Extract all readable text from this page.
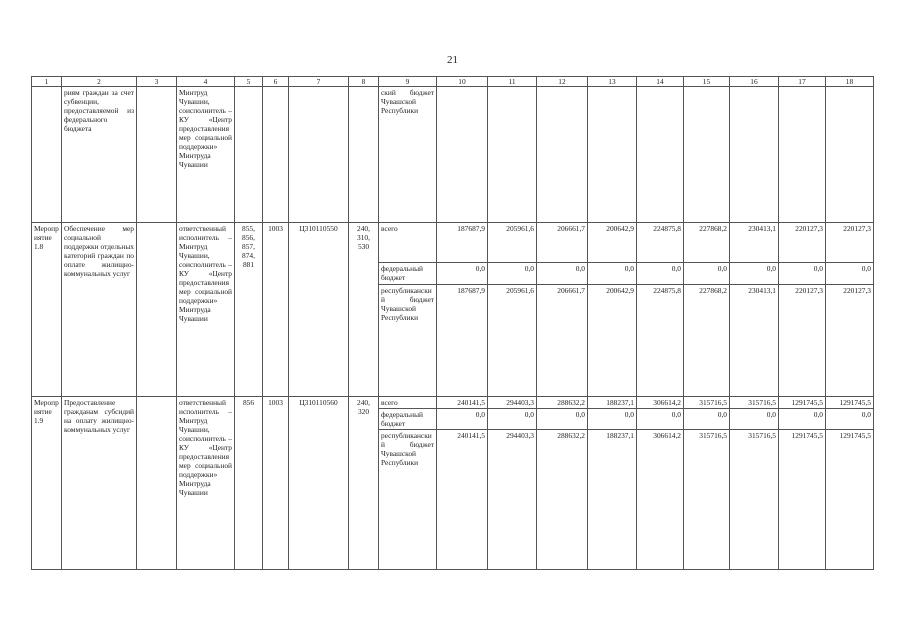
21
1	2	3	4	5	6	7	8	9	10	11	12	13	14	15	16	17	18
	риям граждан за счет субвенции, предоставляемой из федерального бюджета		Минтруд Чувашии, соисполнитель – КУ «Центр предоставления мер социальной поддержки» Минтруда Чувашии					ский бюджет Чувашской Республики									
Мероприятие 1.8	Обеспечение мер социальной поддержки отдельных категорий граждан по оплате жилищно-коммунальных услуг		ответственный исполнитель – Минтруд Чувашии, соисполнитель – КУ «Центр предоставления мер социальной поддержки» Минтруда Чувашии	855, 856, 857, 874, 881	1003	Ц310110550	240, 310, 530	всего	187687,9	205961,6	206661,7	200642,9	224875,8	227868,2	230413,1	220127,3	220127,3
								федеральный бюджет	0,0	0,0	0,0	0,0	0,0	0,0	0,0	0,0	0,0
								республиканский бюджет Чувашской Республики	187687,9	205961,6	206661,7	200642,9	224875,8	227868,2	230413,1	220127,3	220127,3
Мероприятие 1.9	Предоставление гражданам субсидий на оплату жилищно-коммунальных услуг		ответственный исполнитель – Минтруд Чувашии, соисполнитель – КУ «Центр предоставления мер социальной поддержки» Минтруда Чувашии	856	1003	Ц310110560	240, 320	всего	240141,5	294403,3	288632,2	188237,1	306614,2	315716,5	315716,5	1291745,5	1291745,5
								федеральный бюджет	0,0	0,0	0,0	0,0	0,0	0,0	0,0	0,0	0,0
								республиканский бюджет Чувашской Республики	240141,5	294403,3	288632,2	188237,1	306614,2	315716,5	315716,5	1291745,5	1291745,5
